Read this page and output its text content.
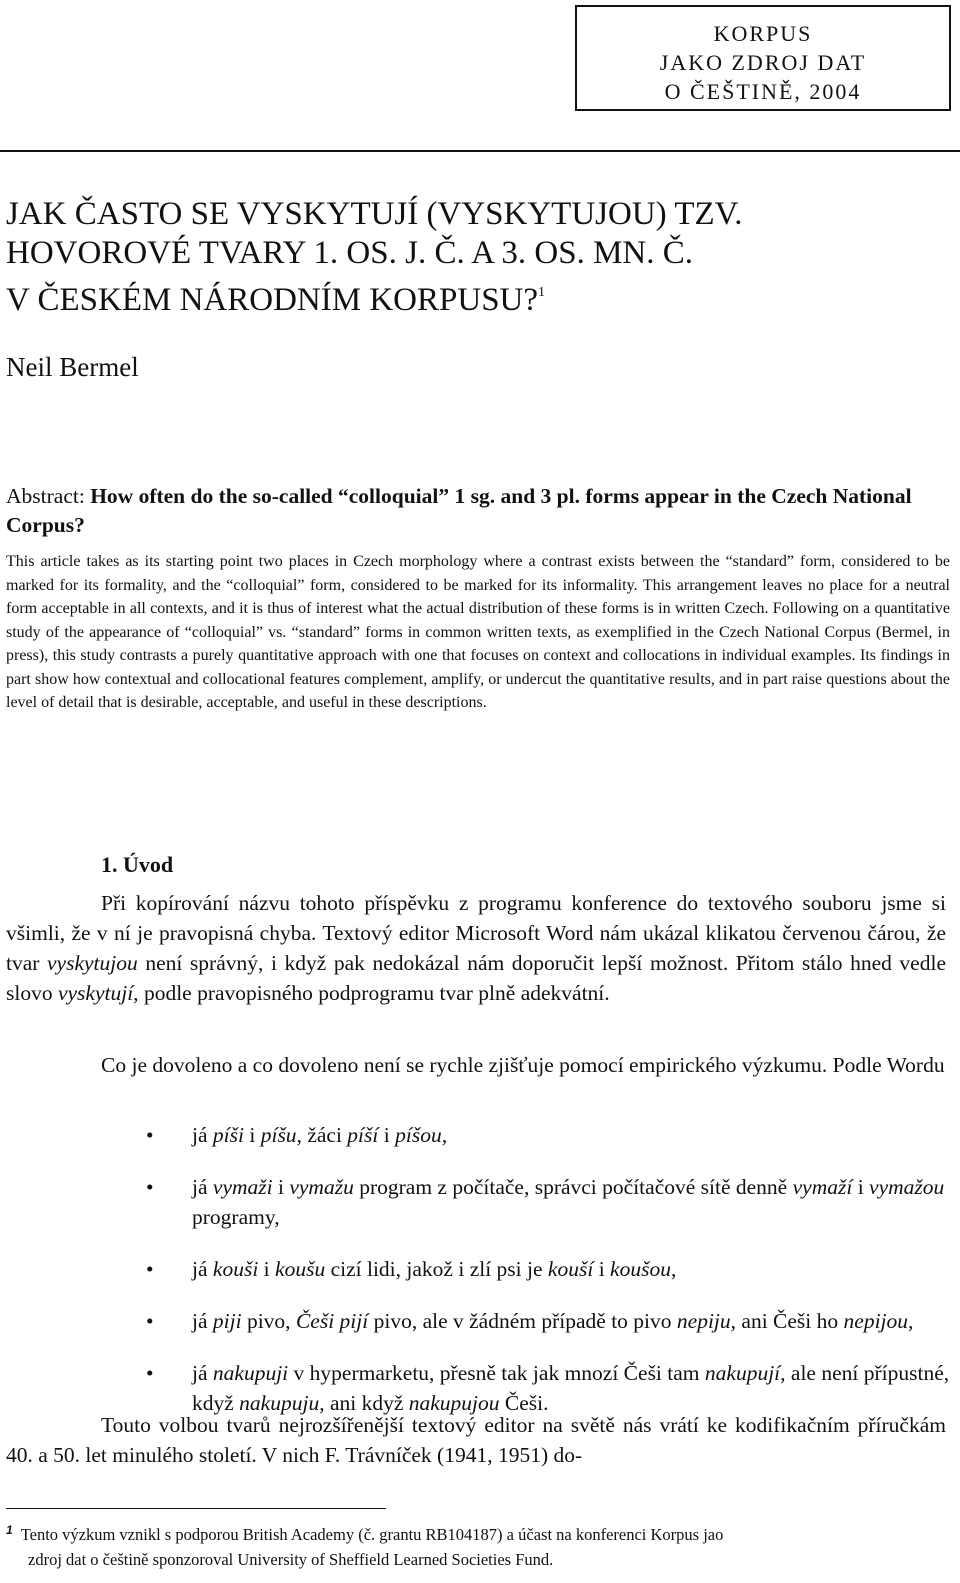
KORPUS
JAKO ZDROJ DAT
O ČEŠTINĚ, 2004
JAK ČASTO SE VYSKYTUJÍ (VYSKYTUJOU) TZV.
HOVOROVÉ TVARY 1. OS. J. Č. A 3. OS. MN. Č.
V ČESKÉM NÁRODNÍM KORPUSU?$^1$
Neil Bermel
Abstract: How often do the so-called “colloquial” 1 sg. and 3 pl. forms appear in the Czech National Corpus?
This article takes as its starting point two places in Czech morphology where a contrast exists between the “standard” form, considered to be marked for its formality, and the “colloquial” form, considered to be marked for its informality. This arrangement leaves no place for a neutral form acceptable in all contexts, and it is thus of interest what the actual distribution of these forms is in written Czech. Following on a quantitative study of the appearance of “colloquial” vs. “standard” forms in common written texts, as exemplified in the Czech National Corpus (Bermel, in press), this study contrasts a purely quantitative approach with one that focuses on context and collocations in individual examples. Its findings in part show how contextual and collocational features complement, amplify, or undercut the quantitative results, and in part raise questions about the level of detail that is desirable, acceptable, and useful in these descriptions.
1. Úvod
Při kopírování názvu tohoto příspěvku z programu konference do textového souboru jsme si všimli, že v ní je pravopisná chyba. Textový editor Microsoft Word nám ukázal klikatou červenou čárou, že tvar vyskytujou není správný, i když pak nedokázal nám doporučit lepší možnost. Přitom stálo hned vedle slovo vyskytují, podle pravopisného podprogramu tvar plně adekvátní.
Co je dovoleno a co dovoleno není se rychle zjišťuje pomocí empirického výzkumu. Podle Wordu
• já píši i píšu, žáci píší i píšou,
• já vymaži i vymažu program z počítače, správci počítačové sítě denně vymaží i vymažou programy,
• já kouši i koušu cizí lidi, jakož i zlí psi je kouší i koušou,
• já piji pivo, Češi pijí pivo, ale v žádném případě to pivo nepiju, ani Češi ho nepijou,
• já nakupuji v hypermarketu, přesně tak jak mnozí Češi tam nakupují, ale není přípustné, když nakupuju, ani když nakupujou Češi.
Touto volbou tvarů nejrozšířenější textový editor na světě nás vrátí ke kodifikačním příručkám 40. a 50. let minulého století. V nich F. Trávníček (1941, 1951) do-
$^1$ Tento výzkum vznikl s podporou British Academy (č. grantu RB104187) a účast na konferenci Korpus jao
zdroj dat o češtině sponzoroval University of Sheffield Learned Societies Fund.
